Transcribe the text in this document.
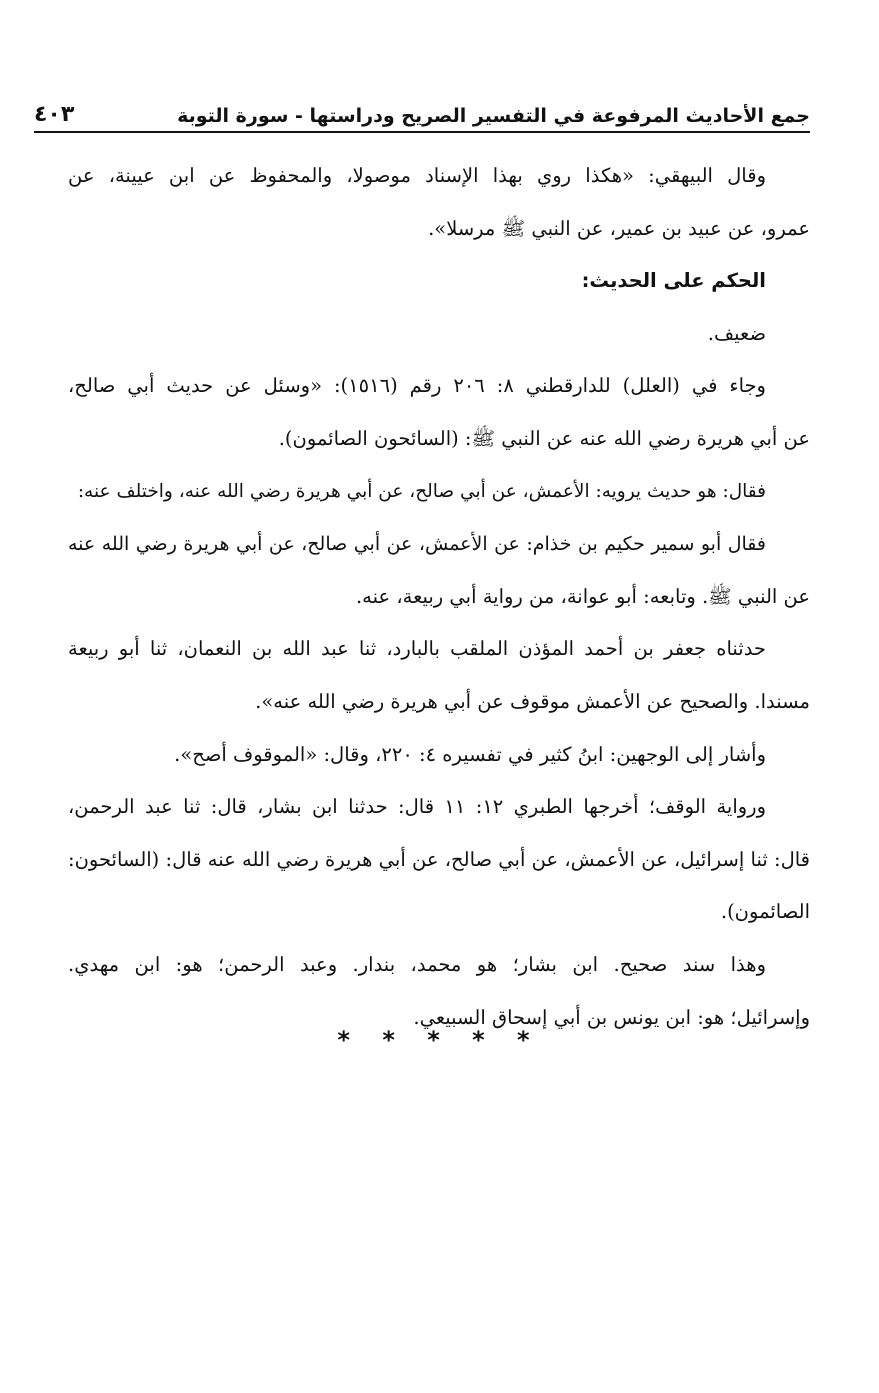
جمع الأحاديث المرفوعة في التفسير الصريح ودراستها - سورة التوبة
٤٠٣
وقال البيهقي: «هكذا روي بهذا الإسناد موصولا، والمحفوظ عن ابن عيينة، عن
عمرو، عن عبيد بن عمير، عن النبي ﷺ مرسلا».
الحكم على الحديث:
ضعيف.
وجاء في (العلل) للدارقطني ٨: ٢٠٦ رقم (١٥١٦): «وسئل عن حديث أبي صالح،
عن أبي هريرة رضي الله عنه عن النبي ﷺ: (السائحون الصائمون).
فقال: هو حديث يرويه: الأعمش، عن أبي صالح، عن أبي هريرة رضي الله عنه، واختلف عنه:
فقال أبو سمير حكيم بن خذام: عن الأعمش، عن أبي صالح، عن أبي هريرة رضي الله عنه
عن النبي ﷺ. وتابعه: أبو عوانة، من رواية أبي ربيعة، عنه.
حدثناه جعفر بن أحمد المؤذن الملقب بالبارد، ثنا عبد الله بن النعمان، ثنا أبو ربيعة
مسندا. والصحيح عن الأعمش موقوف عن أبي هريرة رضي الله عنه».
وأشار إلى الوجهين: ابنُ كثير في تفسيره ٤: ٢٢٠، وقال: «الموقوف أصح».
ورواية الوقف؛ أخرجها الطبري ١٢: ١١ قال: حدثنا ابن بشار، قال: ثنا عبد الرحمن،
قال: ثنا إسرائيل، عن الأعمش، عن أبي صالح، عن أبي هريرة رضي الله عنه قال: (السائحون:
الصائمون).
وهذا سند صحيح. ابن بشار؛ هو محمد، بندار. وعبد الرحمن؛ هو: ابن مهدي.
وإسرائيل؛ هو: ابن يونس بن أبي إسحاق السبيعي.
* * * * *
